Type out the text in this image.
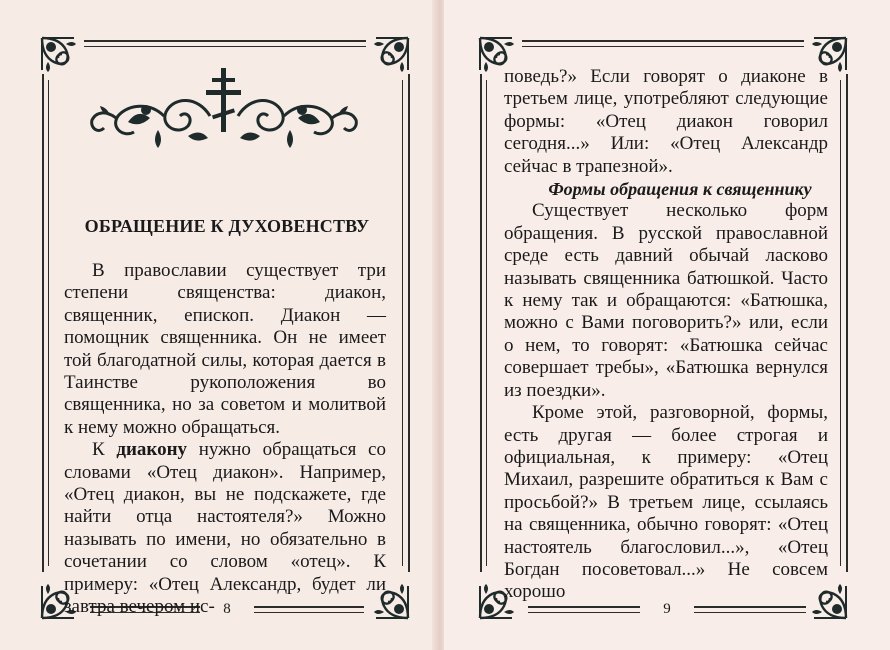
ОБРАЩЕНИЕ К ДУХОВЕНСТВУ

В православии существует три степени священства: диакон, священник, епископ. Диакон — помощник священника. Он не имеет той благодатной силы, которая дается в Таинстве рукоположения во священника, но за советом и молитвой к нему можно обращаться.

К диакону нужно обращаться со словами «Отец диакон». Например, «Отец диакон, вы не подскажете, где найти отца настоятеля?» Можно называть по имени, но обязательно в сочетании со словом «отец». К примеру: «Отец Александр, будет ли завтра вечером ис- 8

поведь?» Если говорят о диаконе в третьем лице, употребляют следующие формы: «Отец диакон говорил сегодня...» Или: «Отец Александр сейчас в трапезной».

Формы обращения к священнику

Существует несколько форм обращения. В русской православной среде есть давний обычай ласково называть священника батюшкой. Часто к нему так и обращаются: «Батюшка, можно с Вами поговорить?» или, если о нем, то говорят: «Батюшка сейчас совершает требы», «Батюшка вернулся из поездки».

Кроме этой, разговорной, формы, есть другая — более строгая и официальная, к примеру: «Отец Михаил, разрешите обратиться к Вам с просьбой?» В третьем лице, ссылаясь на священника, обычно говорят: «Отец настоятель благословил...», «Отец Богдан посоветовал...» Не совсем хорошо

9
